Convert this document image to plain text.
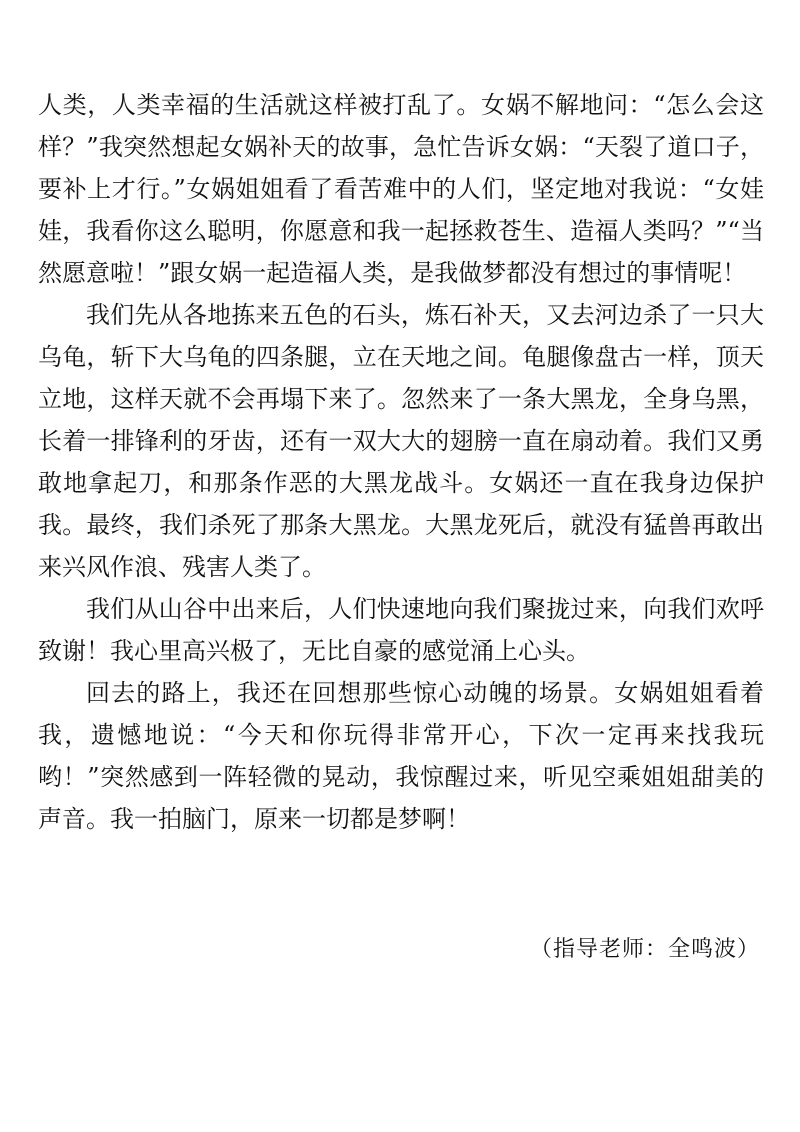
人类，人类幸福的生活就这样被打乱了。女娲不解地问：“怎么会这样？”我突然想起女娲补天的故事，急忙告诉女娲：“天裂了道口子，要补上才行。”女娲姐姐看了看苦难中的人们，坚定地对我说：“女娃娃，我看你这么聪明，你愿意和我一起拯救苍生、造福人类吗？”“当然愿意啦！”跟女娲一起造福人类，是我做梦都没有想过的事情呢！

我们先从各地拣来五色的石头，炼石补天，又去河边杀了一只大乌龟，斩下大乌龟的四条腿，立在天地之间。龟腿像盘古一样，顶天立地，这样天就不会再塌下来了。忽然来了一条大黑龙，全身乌黑，长着一排锋利的牙齿，还有一双大大的翅膀一直在扇动着。我们又勇敢地拿起刀，和那条作恶的大黑龙战斗。女娲还一直在我身边保护我。最终，我们杀死了那条大黑龙。大黑龙死后，就没有猛兽再敢出来兴风作浪、残害人类了。

我们从山谷中出来后，人们快速地向我们聚拢过来，向我们欢呼致谢！我心里高兴极了，无比自豪的感觉涌上心头。

回去的路上，我还在回想那些惊心动魄的场景。女娲姐姐看着我，遗憾地说：“今天和你玩得非常开心，下次一定再来找我玩哟！”突然感到一阵轻微的晃动，我惊醒过来，听见空乘姐姐甜美的声音。我一拍脑门，原来一切都是梦啊！

（指导老师：全鸣波）
